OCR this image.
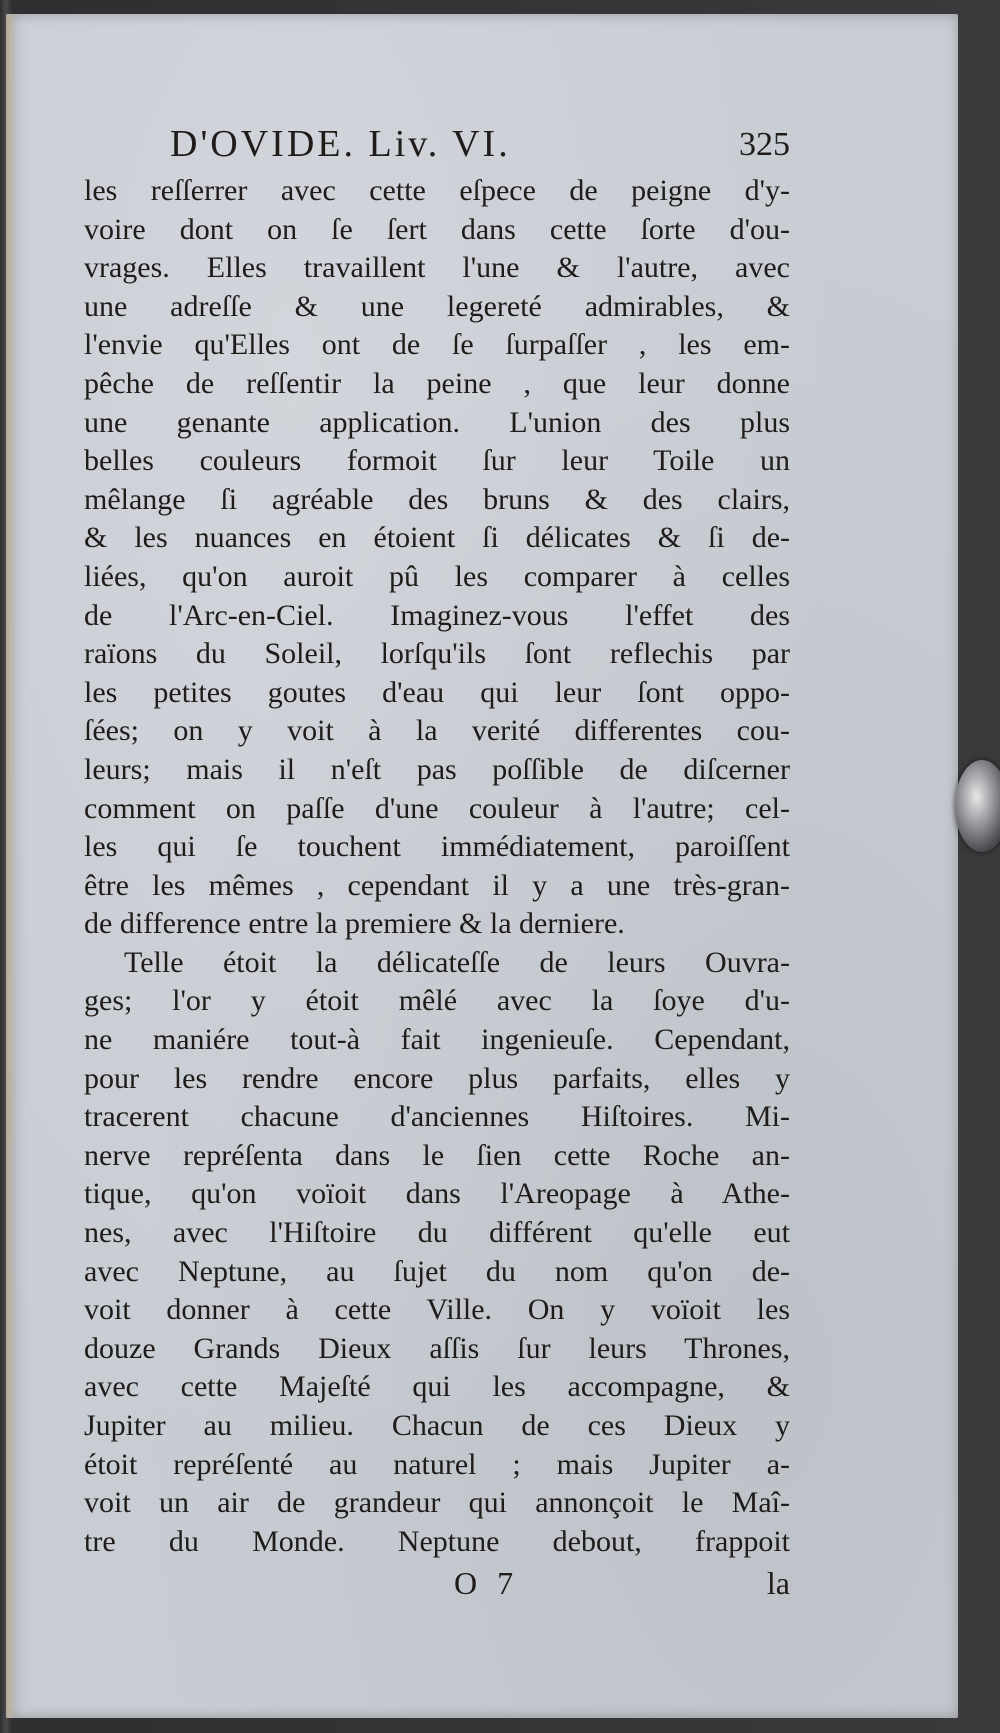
D'OVIDE. Liv. VI.	325
les reſſerrer avec cette eſpece de peigne d'y-
voire dont on ſe ſert dans cette ſorte d'ou-
vrages. Elles travaillent l'une & l'autre, avec
une adreſſe & une legereté admirables, &
l'envie qu'Elles ont de ſe ſurpaſſer , les em-
pêche de reſſentir la peine , que leur donne
une genante application. L'union des plus
belles couleurs formoit ſur leur Toile un
mêlange ſi agréable des bruns & des clairs,
& les nuances en étoient ſi délicates & ſi de-
liées, qu'on auroit pû les comparer à celles
de l'Arc-en-Ciel. Imaginez-vous l'effet des
raïons du Soleil, lorſqu'ils ſont reflechis par
les petites goutes d'eau qui leur ſont oppo-
ſées; on y voit à la verité differentes cou-
leurs; mais il n'eſt pas poſſible de diſcerner
comment on paſſe d'une couleur à l'autre; cel-
les qui ſe touchent immédiatement, paroiſſent
être les mêmes , cependant il y a une très-gran-
de difference entre la premiere & la derniere.
Telle étoit la délicateſſe de leurs Ouvra-
ges; l'or y étoit mêlé avec la ſoye d'u-
ne maniére tout-à fait ingenieuſe. Cependant,
pour les rendre encore plus parfaits, elles y
tracerent chacune d'anciennes Hiſtoires. Mi-
nerve repréſenta dans le ſien cette Roche an-
tique, qu'on voïoit dans l'Areopage à Athe-
nes, avec l'Hiſtoire du différent qu'elle eut
avec Neptune, au ſujet du nom qu'on de-
voit donner à cette Ville. On y voïoit les
douze Grands Dieux aſſis ſur leurs Thrones,
avec cette Majeſté qui les accompagne, &
Jupiter au milieu. Chacun de ces Dieux y
étoit repréſenté au naturel ; mais Jupiter a-
voit un air de grandeur qui annonçoit le Maî-
tre du Monde. Neptune debout, frappoit
O 7	la
